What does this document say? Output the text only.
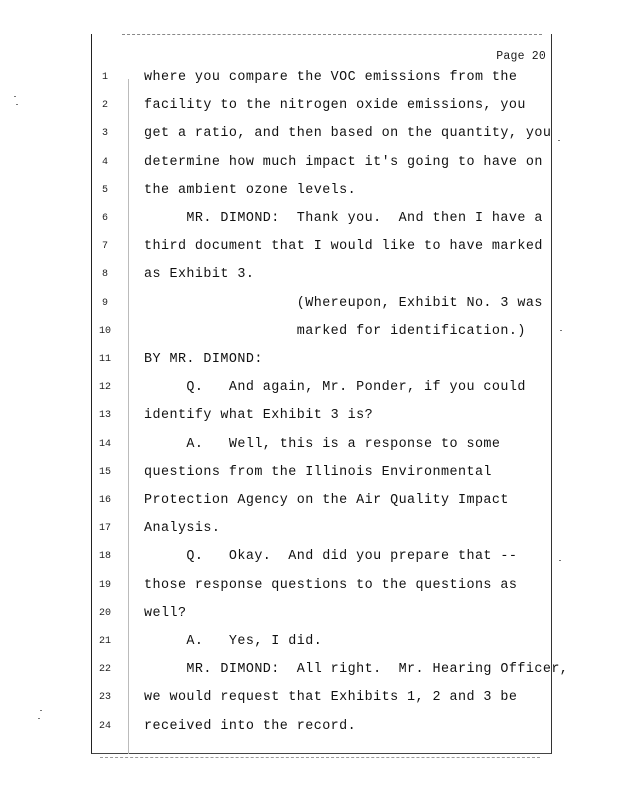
Page 20
1	where you compare the VOC emissions from the
2	facility to the nitrogen oxide emissions, you
3	get a ratio, and then based on the quantity, you
4	determine how much impact it's going to have on
5	the ambient ozone levels.
6	MR. DIMOND:  Thank you.  And then I have a
7	third document that I would like to have marked
8	as Exhibit 3.
9	(Whereupon, Exhibit No. 3 was
10	marked for identification.)
11	BY MR. DIMOND:
12	Q.   And again, Mr. Ponder, if you could
13	identify what Exhibit 3 is?
14	A.   Well, this is a response to some
15	questions from the Illinois Environmental
16	Protection Agency on the Air Quality Impact
17	Analysis.
18	Q.   Okay.  And did you prepare that --
19	those response questions to the questions as
20	well?
21	A.   Yes, I did.
22	MR. DIMOND:  All right.  Mr. Hearing Officer,
23	we would request that Exhibits 1, 2 and 3 be
24	received into the record.
